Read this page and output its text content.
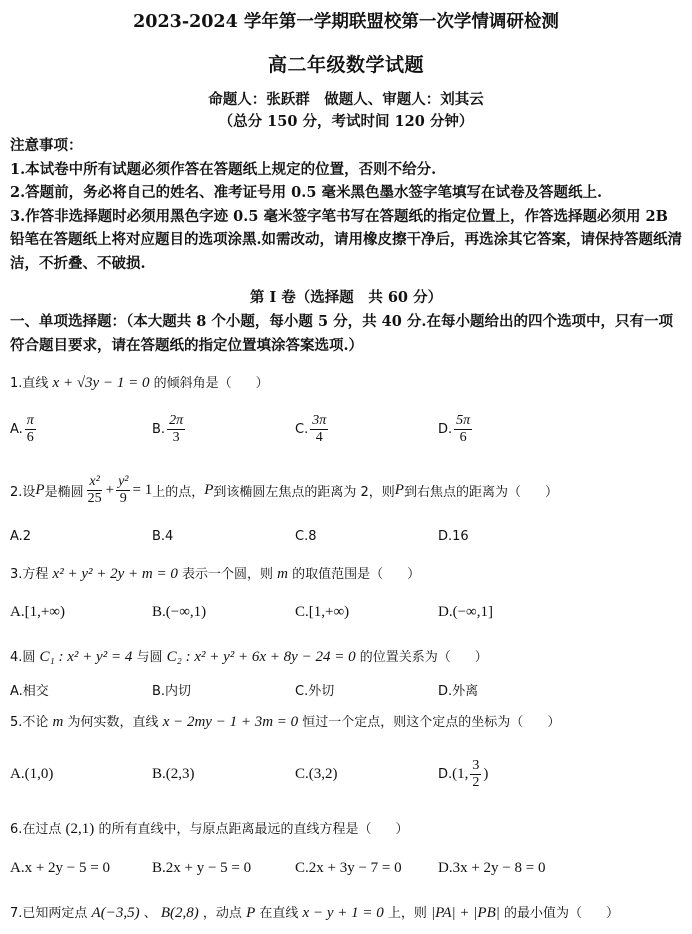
2023-2024 学年第一学期联盟校第一次学情调研检测
高二年级数学试题
命题人：张跃群　做题人、审题人：刘其云
（总分 150 分，考试时间 120 分钟）
注意事项：
1.本试卷中所有试题必须作答在答题纸上规定的位置，否则不给分.
2.答题前，务必将自己的姓名、准考证号用 0.5 毫米黑色墨水签字笔填写在试卷及答题纸上.
3.作答非选择题时必须用黑色字迹 0.5 毫米签字笔书写在答题纸的指定位置上，作答选择题必须用 2B 铅笔在答题纸上将对应题目的选项涂黑.如需改动，请用橡皮擦干净后，再选涂其它答案，请保持答题纸清洁，不折叠、不破损.
第 I 卷（选择题　共 60 分）
一、单项选择题：（本大题共 8 个小题，每小题 5 分，共 40 分.在每小题给出的四个选项中，只有一项符合题目要求，请在答题纸的指定位置填涂答案选项.）
1.直线 x + √3y − 1 = 0 的倾斜角是（ ）
A. $\frac{\pi}{6}$	B. $\frac{2\pi}{3}$	C. $\frac{3\pi}{4}$	D. $\frac{5\pi}{6}$
2.设 P 是椭圆 $\frac{\text{x²}}{25} + \frac{\text{y²}}{9} = 1$ 上的点， P 到该椭圆左焦点的距离为 2，则 P 到右焦点的距离为（ ）
A.2	B.4	C.8	D.16
3.方程 x² + y² + 2y + m = 0 表示一个圆，则 m 的取值范围是（ ）
A.[1,+∞)	B.(−∞,1)	C.[1,+∞)	D.(−∞,1]
4.圆 C₁ : x² + y² = 4 与圆 C₂ : x² + y² + 6x + 8y − 24 = 0 的位置关系为（ ）
A.相交	B.内切	C.外切	D.外离
5.不论 m 为何实数，直线 x − 2my − 1 + 3m = 0 恒过一个定点，则这个定点的坐标为（ ）
A.(1,0)	B.(2,3)	C.(3,2)	D. (1, $\frac{3}{2}$ )
6.在过点 (2,1) 的所有直线中，与原点距离最远的直线方程是（ ）
A.x + 2y − 5 = 0	B.2x + y − 5 = 0	C.2x + 3y − 7 = 0 D.3x + 2y − 8 = 0
7.已知两定点 A(−3,5) 、 B(2,8) ，动点 P 在直线 x − y + 1 = 0 上，则 |PA| + |PB| 的最小值为（ ）
